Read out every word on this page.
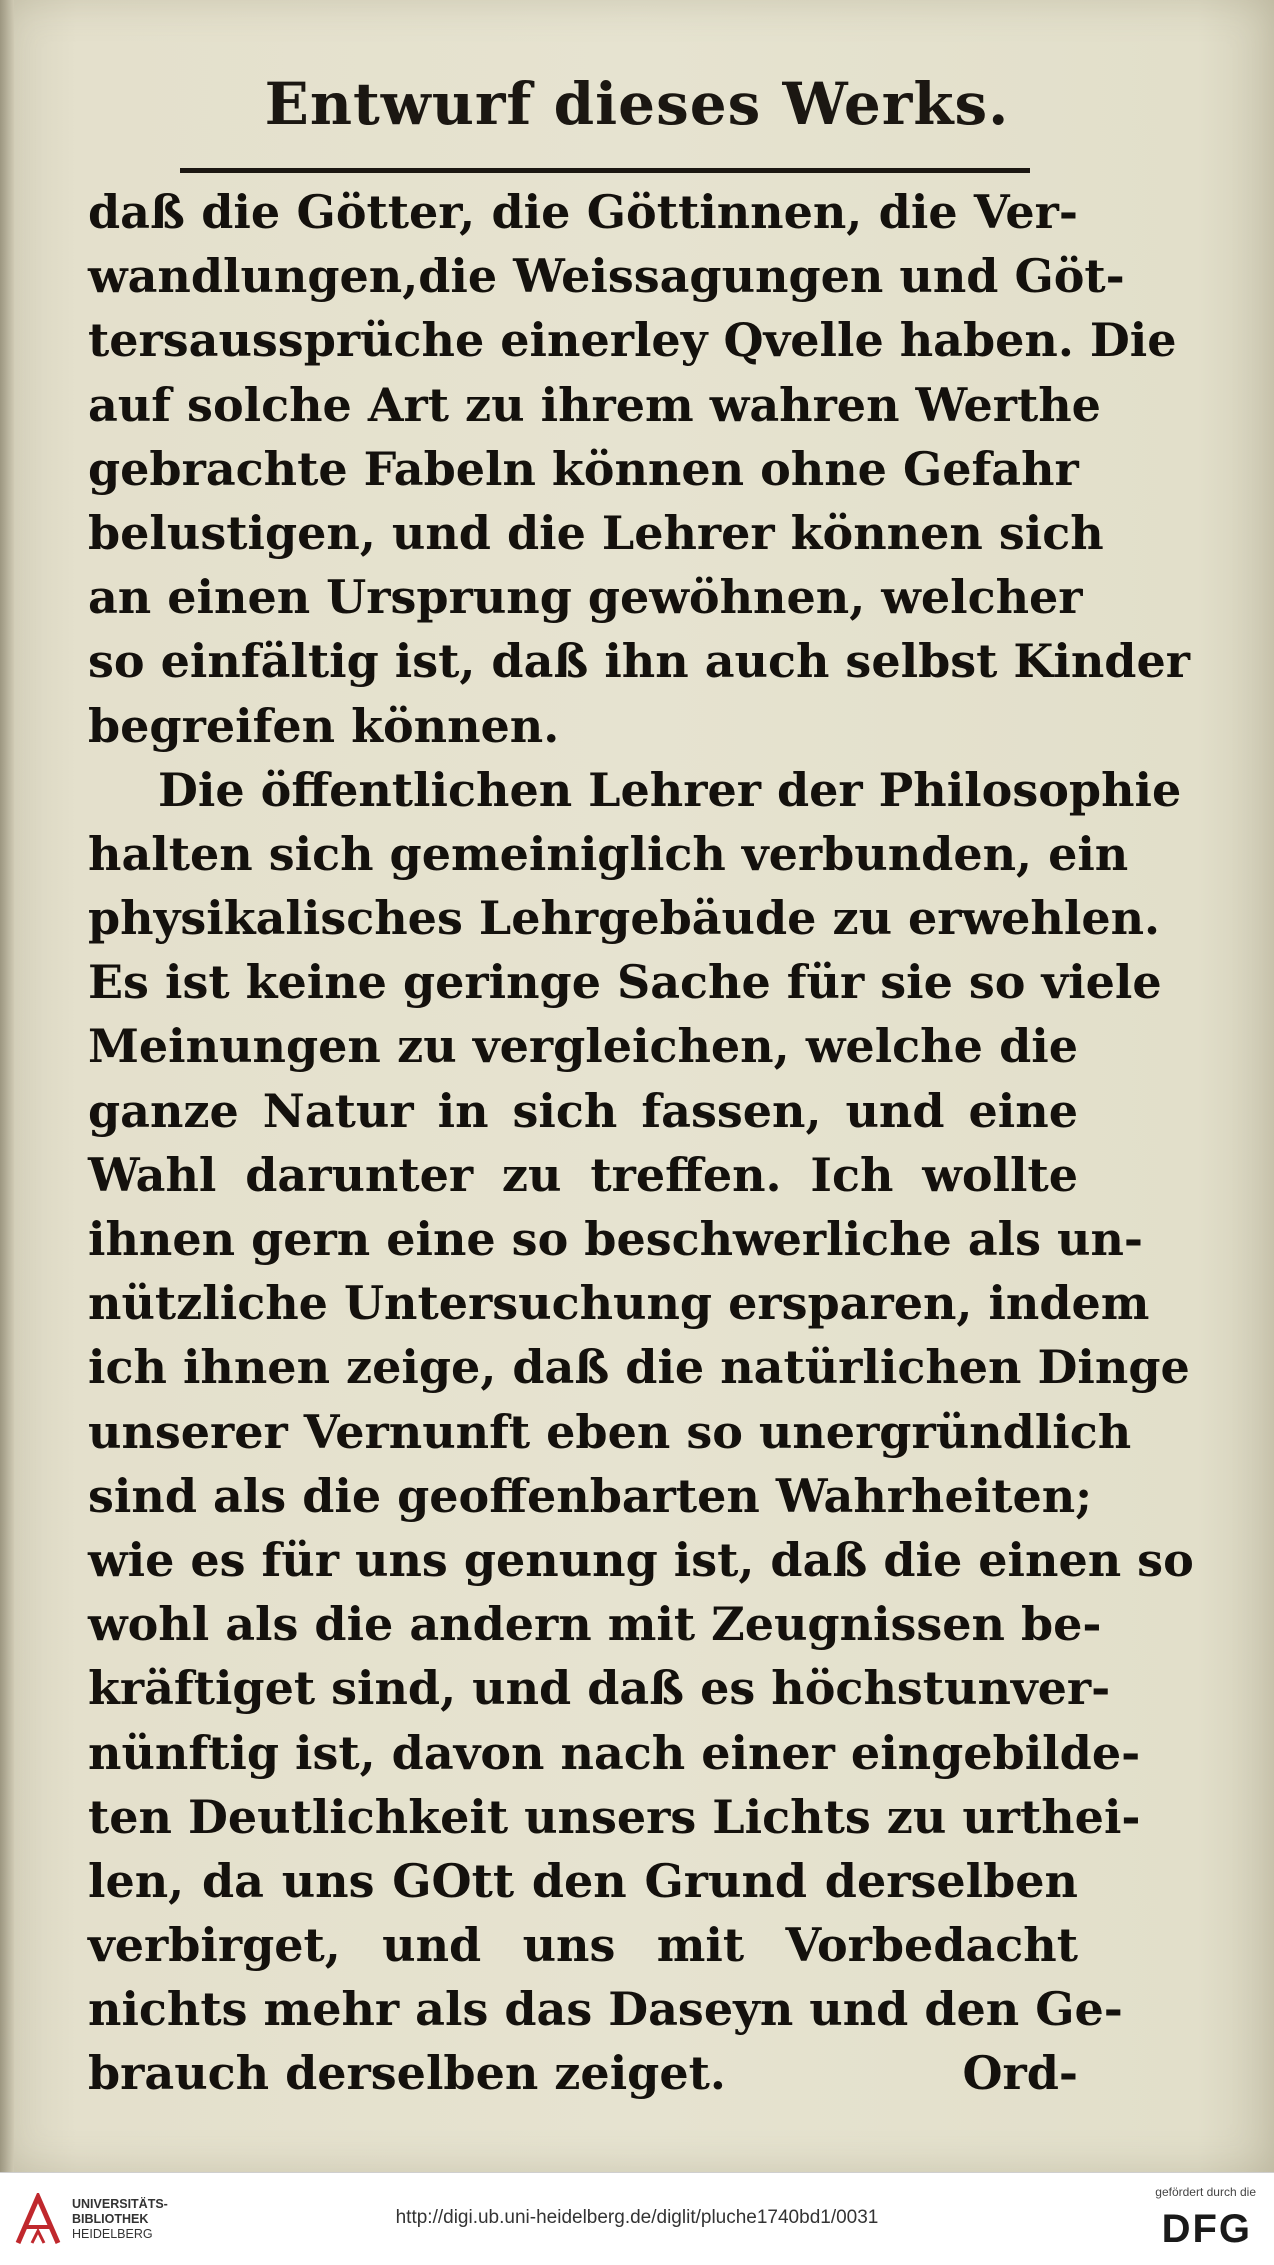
Entwurf dieses Werks.
daß die Götter, die Göttinnen, die Ver-
wandlungen,die Weissagungen und Göt-
tersaussprüche einerley Qvelle haben. Die
auf solche Art zu ihrem wahren Werthe
gebrachte Fabeln können ohne Gefahr
belustigen, und die Lehrer können sich
an einen Ursprung gewöhnen, welcher
so einfältig ist, daß ihn auch selbst Kinder
begreifen können.
Die öffentlichen Lehrer der Philosophie
halten sich gemeiniglich verbunden, ein
physikalisches Lehrgebäude zu erwehlen.
Es ist keine geringe Sache für sie so viele
Meinungen zu vergleichen, welche die
ganze Natur in sich fassen, und eine
Wahl darunter zu treffen. Ich wollte
ihnen gern eine so beschwerliche als un-
nützliche Untersuchung ersparen, indem
ich ihnen zeige, daß die natürlichen Dinge
unserer Vernunft eben so unergründlich
sind als die geoffenbarten Wahrheiten;
wie es für uns genung ist, daß die einen so
wohl als die andern mit Zeugnissen be-
kräftiget sind, und daß es höchstunver-
nünftig ist, davon nach einer eingebilde-
ten Deutlichkeit unsers Lichts zu urthei-
len, da uns GOtt den Grund derselben
verbirget, und uns mit Vorbedacht
nichts mehr als das Daseyn und den Ge-
brauch derselben zeiget.	Ord-
UNIVERSITÄTS-
BIBLIOTHEK
HEIDELBERG
http://digi.ub.uni-heidelberg.de/diglit/pluche1740bd1/0031
gefördert durch die
DFG
